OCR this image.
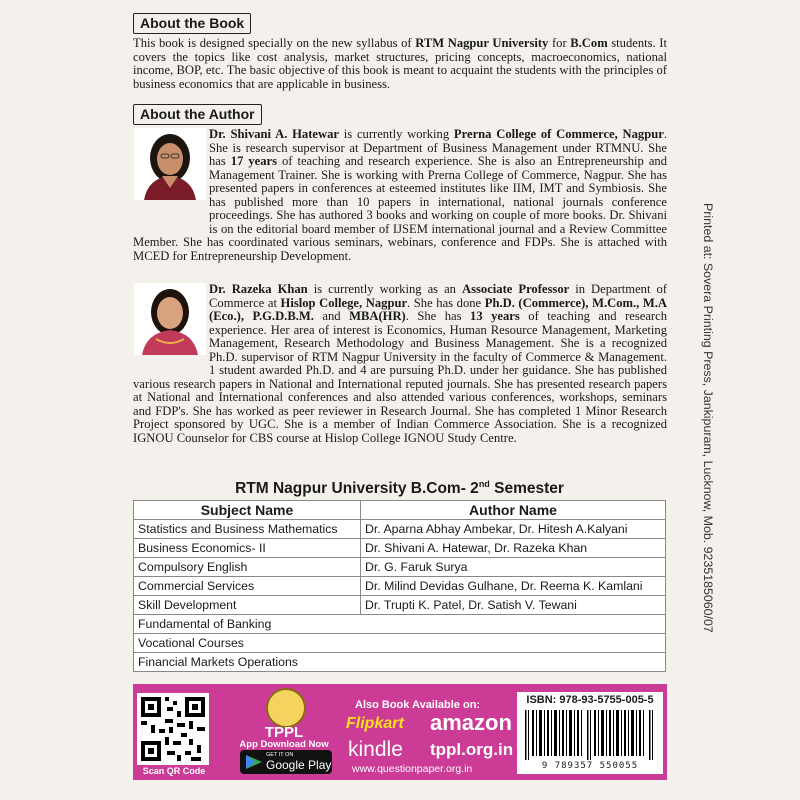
About the Book

This book is designed specially on the new syllabus of RTM Nagpur University for B.Com students. It covers the topics like cost analysis, market structures, pricing concepts, macroeconomics, national income, BOP, etc. The basic objective of this book is meant to acquaint the students with the principles of business economics that are applicable in business.

About the Author

Dr. Shivani A. Hatewar is currently working Prerna College of Commerce, Nagpur. She is research supervisor at Department of Business Management under RTMNU. She has 17 years of teaching and research experience. She is also an Entrepreneurship and Management Trainer. She is working with Prerna College of Commerce, Nagpur. She has presented papers in conferences at esteemed institutes like IIM, IMT and Symbiosis. She has published more than 10 papers in international, national journals conference proceedings. She has authored 3 books and working on couple of more books. Dr. Shivani is on the editorial board member of IJSEM international journal and a Review Committee Member. She has coordinated various seminars, webinars, conference and FDPs. She is attached with MCED for Entrepreneurship Development.

Dr. Razeka Khan is currently working as an Associate Professor in Department of Commerce at Hislop College, Nagpur. She has done Ph.D. (Commerce), M.Com., M.A (Eco.), P.G.D.B.M. and MBA(HR). She has 13 years of teaching and research experience. Her area of interest is Economics, Human Resource Management, Marketing Management, Research Methodology and Business Management. She is a recognized Ph.D. supervisor of RTM Nagpur University in the faculty of Commerce & Management. 1 student awarded Ph.D. and 4 are pursuing Ph.D. under her guidance. She has published various research papers in National and International reputed journals. She has presented research papers at National and International conferences and also attended various conferences, workshops, seminars and FDP's. She has worked as peer reviewer in Research Journal. She has completed 1 Minor Research Project sponsored by UGC. She is a member of Indian Commerce Association. She is a recognized IGNOU Counselor for CBS course at Hislop College IGNOU Study Centre.	Printed at: Sovera Printing Press, Jankipuram, Lucknow, Mob. 9235185060/07
RTM Nagpur University B.Com- 2nd Semester
Subject Name	Author Name
Statistics and Business Mathematics	Dr. Aparna Abhay Ambekar, Dr. Hitesh A.Kalyani
Business Economics- II	Dr. Shivani A. Hatewar, Dr. Razeka Khan
Compulsory English	Dr. G. Faruk Surya
Commercial Services	Dr. Milind Devidas Gulhane, Dr. Reema K. Kamlani
Skill Development	Dr. Trupti K. Patel, Dr. Satish V. Tewani
Fundamental of Banking	
Vocational Courses	
Financial Markets Operations	
Scan QR Code
TPPL
App Download Now
GET IT ON
Google Play
Also Book Available on:
Flipkart amazon
kindle tppl.org.in
www.questionpaper.org.in
ISBN: 978-93-5755-005-5
9 789357 550055
